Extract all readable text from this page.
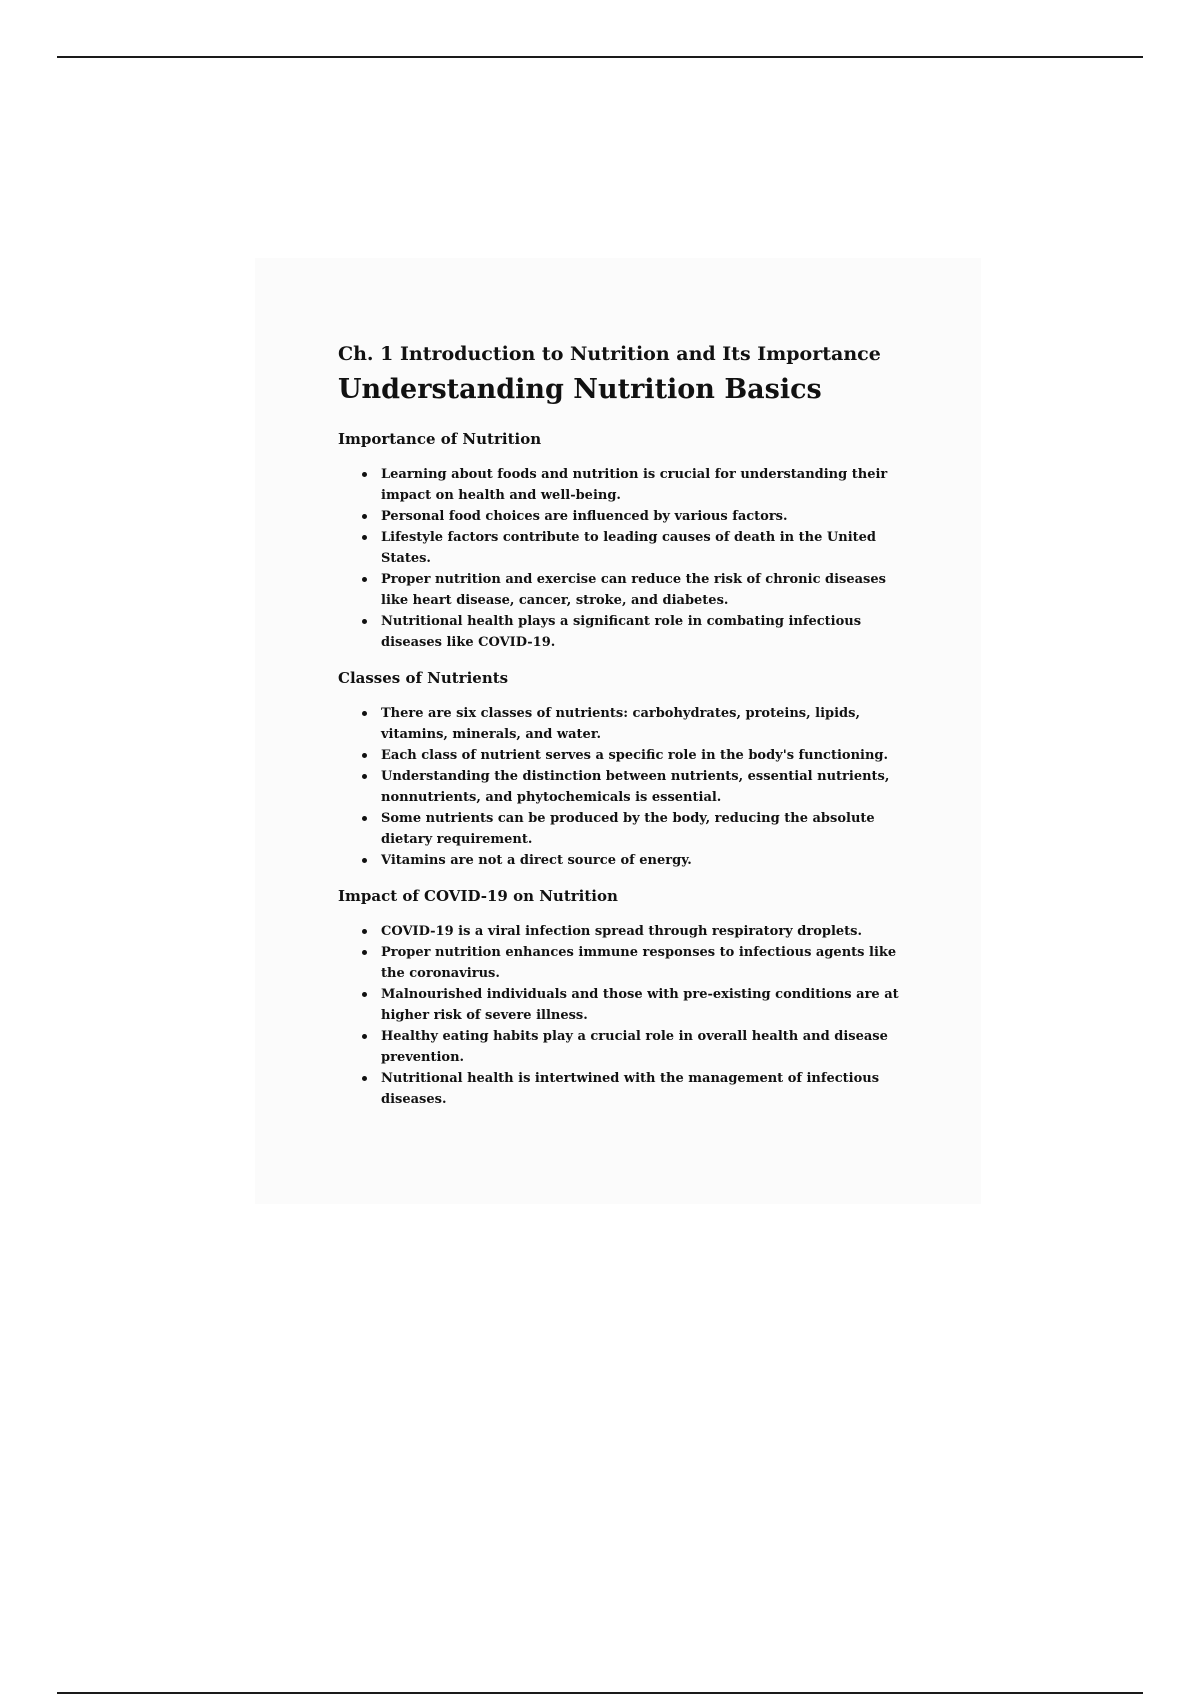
Ch. 1 Introduction to Nutrition and Its Importance
Understanding Nutrition Basics
Importance of Nutrition
Learning about foods and nutrition is crucial for understanding their impact on health and well-being.
Personal food choices are influenced by various factors.
Lifestyle factors contribute to leading causes of death in the United States.
Proper nutrition and exercise can reduce the risk of chronic diseases like heart disease, cancer, stroke, and diabetes.
Nutritional health plays a significant role in combating infectious diseases like COVID-19.
Classes of Nutrients
There are six classes of nutrients: carbohydrates, proteins, lipids, vitamins, minerals, and water.
Each class of nutrient serves a specific role in the body's functioning.
Understanding the distinction between nutrients, essential nutrients, nonnutrients, and phytochemicals is essential.
Some nutrients can be produced by the body, reducing the absolute dietary requirement.
Vitamins are not a direct source of energy.
Impact of COVID-19 on Nutrition
COVID-19 is a viral infection spread through respiratory droplets.
Proper nutrition enhances immune responses to infectious agents like the coronavirus.
Malnourished individuals and those with pre-existing conditions are at higher risk of severe illness.
Healthy eating habits play a crucial role in overall health and disease prevention.
Nutritional health is intertwined with the management of infectious diseases.
